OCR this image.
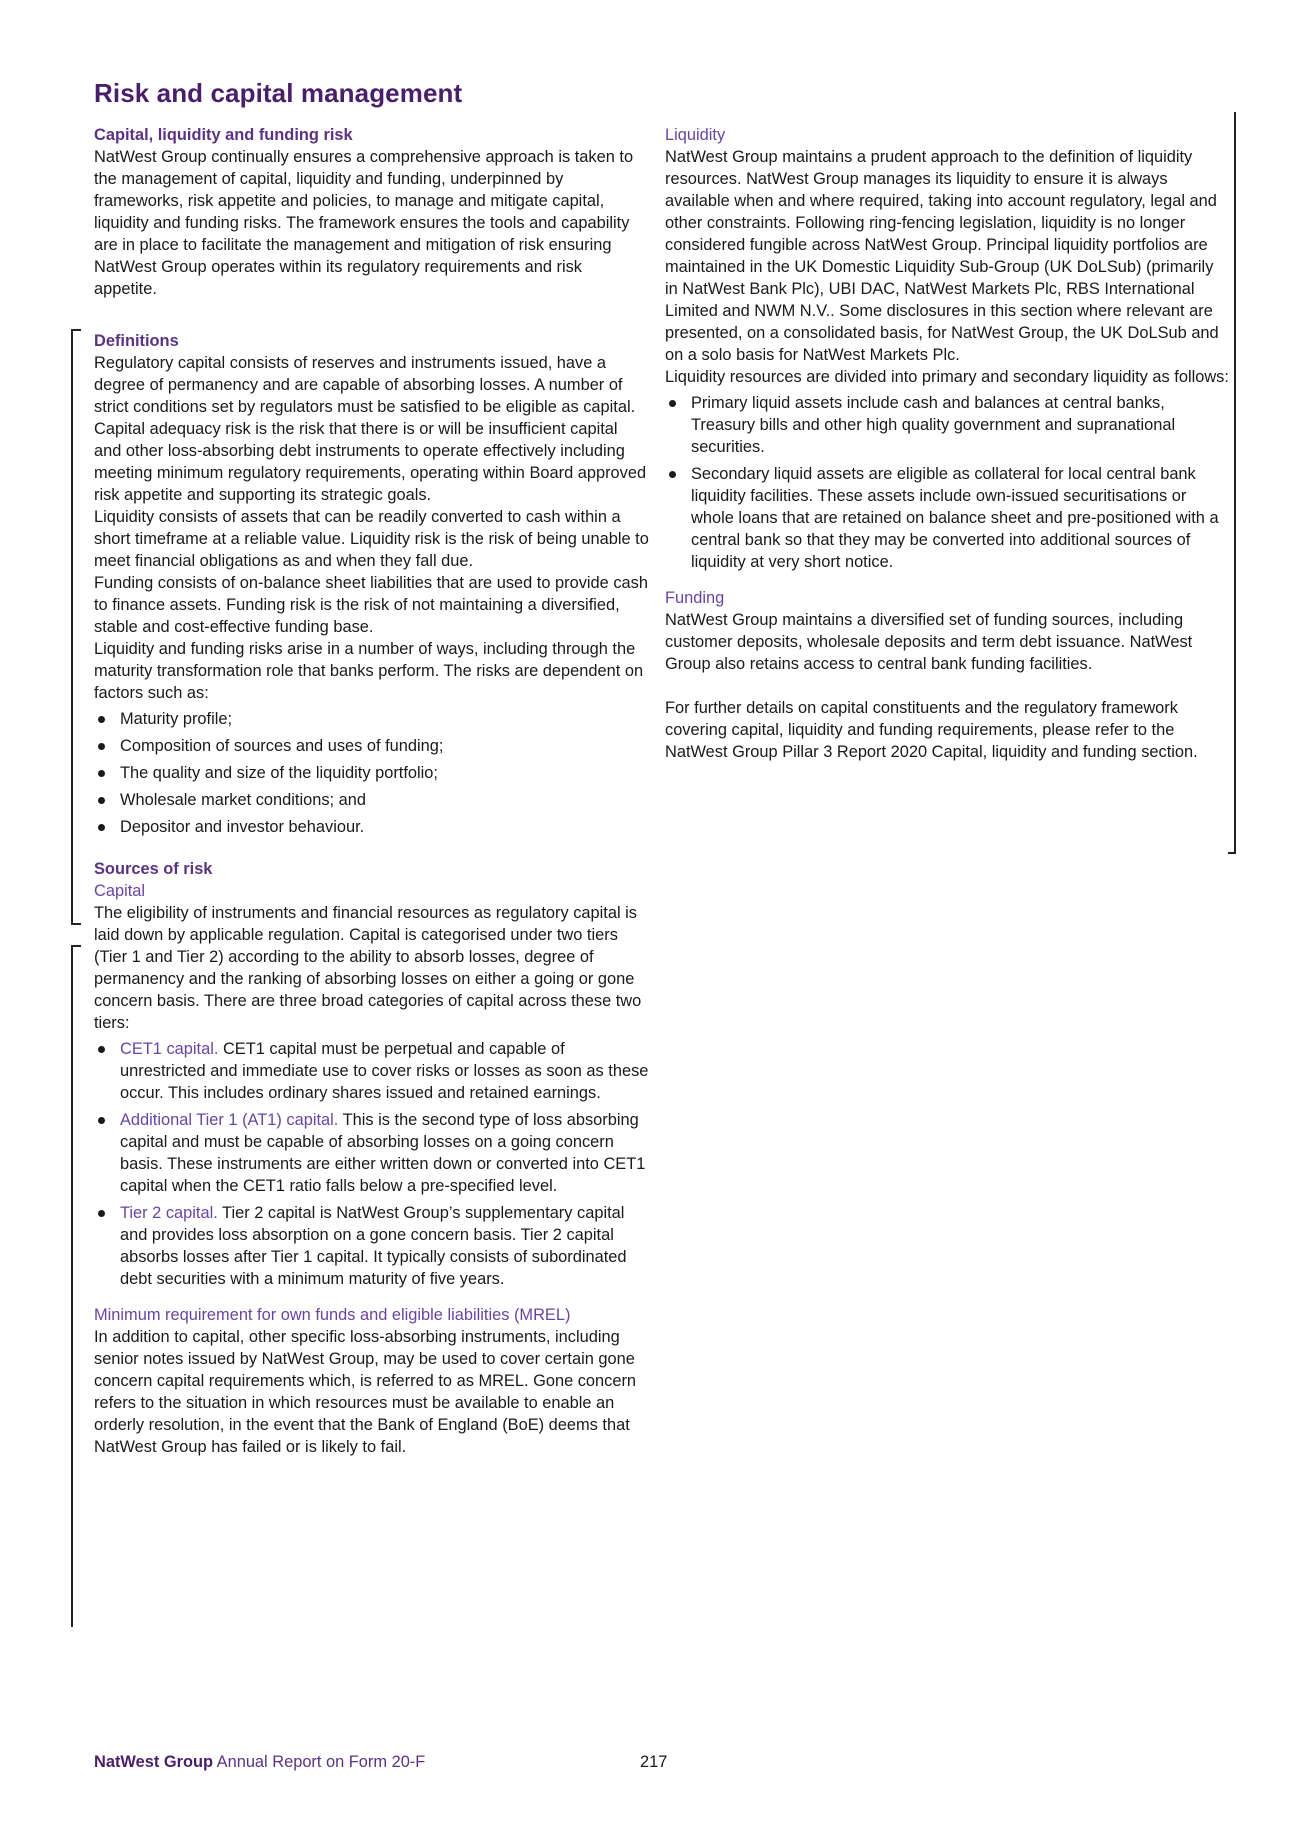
Risk and capital management

Capital, liquidity and funding risk

NatWest Group continually ensures a comprehensive approach is taken to the management of capital, liquidity and funding, underpinned by frameworks, risk appetite and policies, to manage and mitigate capital, liquidity and funding risks. The framework ensures the tools and capability are in place to facilitate the management and mitigation of risk ensuring NatWest Group operates within its regulatory requirements and risk appetite.

Definitions

Regulatory capital consists of reserves and instruments issued, have a degree of permanency and are capable of absorbing losses. A number of strict conditions set by regulators must be satisfied to be eligible as capital.

Capital adequacy risk is the risk that there is or will be insufficient capital and other loss-absorbing debt instruments to operate effectively including meeting minimum regulatory requirements, operating within Board approved risk appetite and supporting its strategic goals.

Liquidity consists of assets that can be readily converted to cash within a short timeframe at a reliable value. Liquidity risk is the risk of being unable to meet financial obligations as and when they fall due.

Funding consists of on-balance sheet liabilities that are used to provide cash to finance assets. Funding risk is the risk of not maintaining a diversified, stable and cost-effective funding base.

Liquidity and funding risks arise in a number of ways, including through the maturity transformation role that banks perform. The risks are dependent on factors such as:

Maturity profile;
Composition of sources and uses of funding;
The quality and size of the liquidity portfolio;
Wholesale market conditions; and
Depositor and investor behaviour.

Sources of risk

Capital

The eligibility of instruments and financial resources as regulatory capital is laid down by applicable regulation. Capital is categorised under two tiers (Tier 1 and Tier 2) according to the ability to absorb losses, degree of permanency and the ranking of absorbing losses on either a going or gone concern basis. There are three broad categories of capital across these two tiers:

CET1 capital. CET1 capital must be perpetual and capable of unrestricted and immediate use to cover risks or losses as soon as these occur. This includes ordinary shares issued and retained earnings.
Additional Tier 1 (AT1) capital. This is the second type of loss absorbing capital and must be capable of absorbing losses on a going concern basis. These instruments are either written down or converted into CET1 capital when the CET1 ratio falls below a pre-specified level.
Tier 2 capital. Tier 2 capital is NatWest Group’s supplementary capital and provides loss absorption on a gone concern basis. Tier 2 capital absorbs losses after Tier 1 capital. It typically consists of subordinated debt securities with a minimum maturity of five years.

Minimum requirement for own funds and eligible liabilities (MREL)

In addition to capital, other specific loss-absorbing instruments, including senior notes issued by NatWest Group, may be used to cover certain gone concern capital requirements which, is referred to as MREL. Gone concern refers to the situation in which resources must be available to enable an orderly resolution, in the event that the Bank of England (BoE) deems that NatWest Group has failed or is likely to fail.

Liquidity

NatWest Group maintains a prudent approach to the definition of liquidity resources. NatWest Group manages its liquidity to ensure it is always available when and where required, taking into account regulatory, legal and other constraints. Following ring-fencing legislation, liquidity is no longer considered fungible across NatWest Group. Principal liquidity portfolios are maintained in the UK Domestic Liquidity Sub-Group (UK DoLSub) (primarily in NatWest Bank Plc), UBI DAC, NatWest Markets Plc, RBS International Limited and NWM N.V.. Some disclosures in this section where relevant are presented, on a consolidated basis, for NatWest Group, the UK DoLSub and on a solo basis for NatWest Markets Plc.

Liquidity resources are divided into primary and secondary liquidity as follows:

Primary liquid assets include cash and balances at central banks, Treasury bills and other high quality government and supranational securities.
Secondary liquid assets are eligible as collateral for local central bank liquidity facilities. These assets include own-issued securitisations or whole loans that are retained on balance sheet and pre-positioned with a central bank so that they may be converted into additional sources of liquidity at very short notice.

Funding

NatWest Group maintains a diversified set of funding sources, including customer deposits, wholesale deposits and term debt issuance. NatWest Group also retains access to central bank funding facilities.

For further details on capital constituents and the regulatory framework covering capital, liquidity and funding requirements, please refer to the NatWest Group Pillar 3 Report 2020 Capital, liquidity and funding section.

NatWest Group Annual Report on Form 20-F	217
